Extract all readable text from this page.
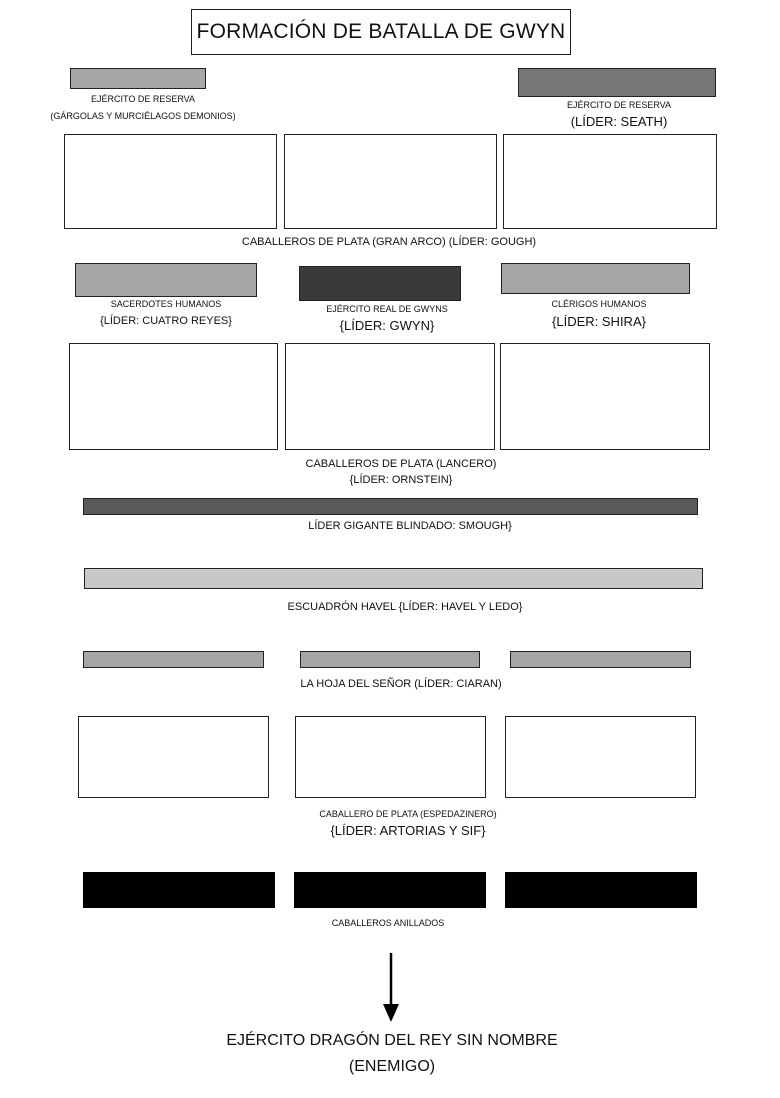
FORMACIÓN DE BATALLA DE GWYN
EJÉRCITO DE RESERVA
(GÁRGOLAS Y MURCIÉLAGOS DEMONIOS)
EJÉRCITO DE RESERVA
(LÍDER: SEATH)
CABALLEROS DE PLATA (GRAN ARCO) (LÍDER: GOUGH)
SACERDOTES HUMANOS
{LÍDER: CUATRO REYES}
EJÉRCITO REAL DE GWYNS
{LÍDER: GWYN}
CLÉRIGOS HUMANOS
{LÍDER: SHIRA}
CABALLEROS DE PLATA (LANCERO)
{LÍDER: ORNSTEIN}
LÍDER GIGANTE BLINDADO: SMOUGH}
ESCUADRÓN HAVEL {LÍDER: HAVEL Y LEDO}
LA HOJA DEL SEÑOR (LÍDER: CIARAN)
CABALLERO DE PLATA (ESPEDAZINERO)
{LÍDER: ARTORIAS Y SIF}
CABALLEROS ANILLADOS
EJÉRCITO DRAGÓN DEL REY SIN NOMBRE
(ENEMIGO)
